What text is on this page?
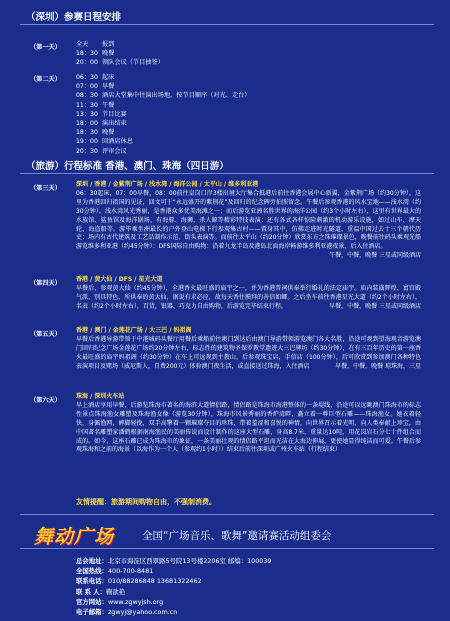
（深圳）参赛日程安排
（第一天） 全天 报到
18：30 晚餐
20：00 领队会议（节目抽签）
（第二天） 06：30 起床
07：00 早餐
08：30 酒店大堂集中往演出场地，按节目顺序（对光、走台）
11：30 午餐
13：30 节目比赛
18：00 演出结束
18：30 晚餐
19：00 回酒店休息
20：30 评审会议
（旅游）行程标准 香港、澳门、珠海（四日游）
（第三天）
深圳 / 香港 / 金紫荆广场 / 浅水湾 / 海洋公园 / 太平山 / 维多利亚港
06：30起床，07：00早餐，08：00前往皇岗口岸3楼出境大厅集合抵港后前往香港会展中心新翼，金紫荆广场（约30分钟），这里为香港回归祖国的见证，回文可于“永远盛开的紫荆花”及回归的纪念碑旁拍照留念。午餐后参观香港的风水宝地——浅水湾（约30分钟）。浅水湾风光秀丽，是香港众多优美海滩之一；而后游览亚洲名胜世界的海洋公园（约3个小时左右），这里有世界最大的水族馆、鲨鱼馆及海洋剧场，有海豚、海狮、杀人鲸等精彩特技表演；还有各式各样惊险刺激的机动游乐设施，如过山车、摩天轮、海盗船等。游毕乘坐洲最长的户外登山电梯下行参观集古村——置身其中，仿佛走进时光隧道，重温中国过去十三个朝代历史；场内有古代建筑及工艺品制作示范、街头表演等。而前往太平山（约20分钟）欣赏东方之珠璀璨景色，晚餐前往码头乘观光船游览维多利亚港（约45分钟）：DFS国际自由购物：沿着九龙半岛及港岛北面海岸畅游维多利亚港夜景，后入住酒店。
午餐，中餐，晚餐 三星或同级酒店
（第四天）
香港 / 黄大仙 / DFS / 星光大道
早餐后，参观黄大仙（约45分钟），全港香火最旺盛的庙宇之一，并为香港普祠供奉举行婚礼的法定庙宇。庙内装潢辉煌、富宫殿气派，别具特色，所供奉的黄大仙，据说有求必应，故每天香往膜拜的善信如鲫。之后坐车前往香港星光大道（约2个小时左右），名表（约2个小时左右），百货，银器、巧克力自由购物，后游览完毕结束行程。	早餐，中餐，晚餐 三星或同级酒店
（第五天）
香港 / 澳门 / 金莲花广场 / 大三巴 / 妈祖阁
早餐后香港导游带领于中港城码头餐厅用餐后乘船前往澳门到达后由澳门导游带领游览澳门各大名胜，沿途可观到望海观音游览澳门回归纪念广场金莲花广场约20分钟左右，标志性的建筑物圣保罗教堂遗迹大三巴牌坊（约30分钟），在有三百年历史的第一座香火最旺盛的庙宇妈祖阁（约30分钟）在车上可远观到主教山，后参观珠宝店，手信店（100分钟），后可欣赏到参加澳门各种特色表演项目及赌场（威尼斯人，自费200元）体验澳门夜生活，或直接送过珠海，入住酒店	早餐，中餐，晚餐 琼珠海，三星
（第六天）
珠海 / 深圳火车站
早上酒店享用早餐，后游览珠海市著名的海滨大道情侣路，情侣路是珠海市海港整体的一条堤线，沿途可以远眺澳门珠海市的标志性景点珠海渔女雕塑及珠海渔女像（游览30分钟），珠海市风景秀丽的香炉湾畔，矗立着一尊巨型石雕——珠海渔女。她衣着轻快，身佩渔网，裤脚轻挽，双手高擎着一颗璀璨夺目的珍珠，带着羞涩和喜悦的神情，向世界召示着光明，向人类奉献上珍宝，由中国著名雕塑家潘鹤根据南海渔民的美丽传说而设计制作的这座大型石雕，身高8.7米，重量达10吨，用花岗岩石分七十件组合而成的。如今，这座石雕已成为珠海市的象征，一条美丽壮观的情侣路平坦而光洁在大海边伸展，更使她显得纯洁而可爱。午餐后参观珠海和之前的海景（以海作为一个人（参观约1小时））结束后前往深圳或广州火车站（行程结束）
友情提醒：旅游期间购物自由，不强制消费。
舞动广场	全国“广场音乐、歌舞”邀请赛活动组委会
总会地址：北京市海淀区西翠路5号院13号楼2206室 邮编：100039
全国热线：400-700-8481
联系电话：010/88286848 13681322462
联 系 人：鞠歆艳
官方网站：www.zgwyjsh.org
电子邮箱：zgwyj@yahoo.com.cn
